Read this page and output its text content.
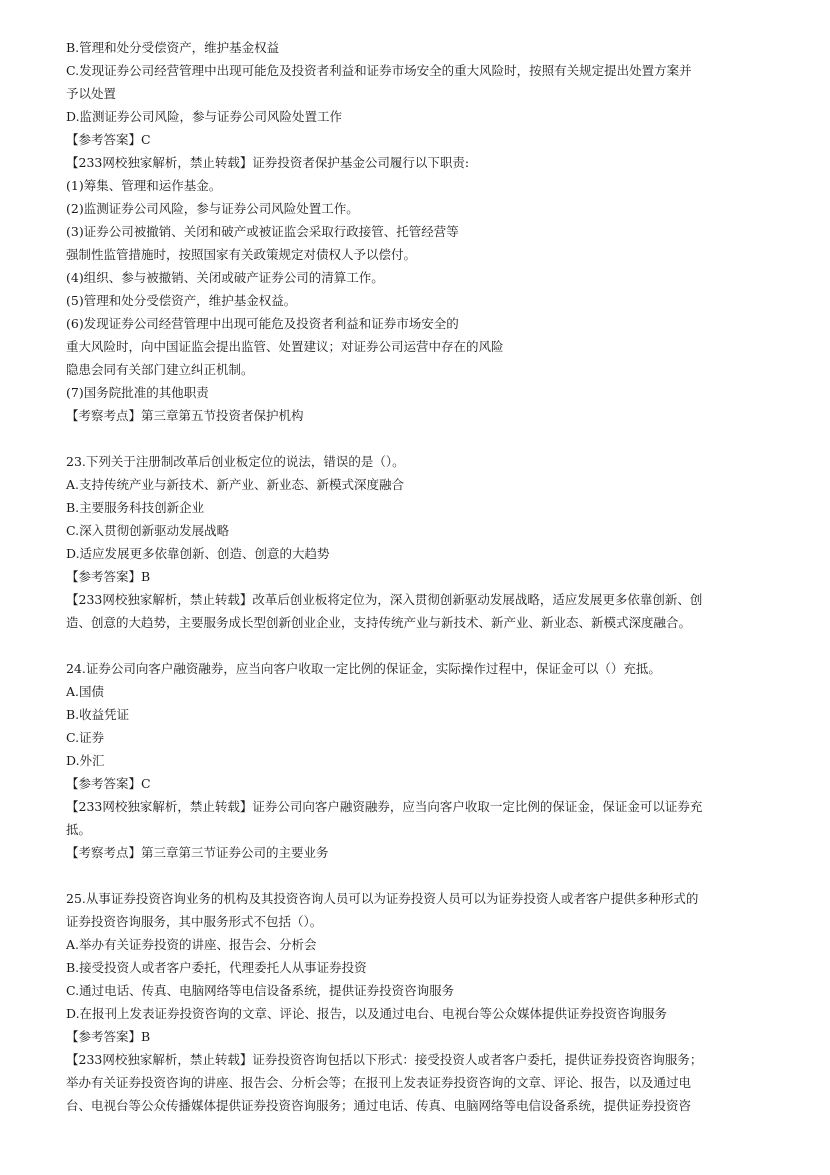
B.管理和处分受偿资产，维护基金权益
C.发现证券公司经营管理中出现可能危及投资者利益和证券市场安全的重大风险时，按照有关规定提出处置方案并
予以处置
D.监测证券公司风险，参与证券公司风险处置工作
【参考答案】C
【233网校独家解析，禁止转载】证券投资者保护基金公司履行以下职责:
(1)筹集、管理和运作基金。
(2)监测证券公司风险，参与证券公司风险处置工作。
(3)证券公司被撤销、关闭和破产或被证监会采取行政接管、托管经营等
强制性监管措施时，按照国家有关政策规定对债权人予以偿付。
(4)组织、参与被撤销、关闭或破产证券公司的清算工作。
(5)管理和处分受偿资产，维护基金权益。
(6)发现证券公司经营管理中出现可能危及投资者利益和证券市场安全的
重大风险时，向中国证监会提出监管、处置建议；对证券公司运营中存在的风险
隐患会同有关部门建立纠正机制。
(7)国务院批准的其他职责
【考察考点】第三章第五节投资者保护机构
23.下列关于注册制改革后创业板定位的说法，错误的是（）。
A.支持传统产业与新技术、新产业、新业态、新模式深度融合
B.主要服务科技创新企业
C.深入贯彻创新驱动发展战略
D.适应发展更多依靠创新、创造、创意的大趋势
【参考答案】B
【233网校独家解析，禁止转载】改革后创业板将定位为，深入贯彻创新驱动发展战略，适应发展更多依靠创新、创
造、创意的大趋势，主要服务成长型创新创业企业，支持传统产业与新技术、新产业、新业态、新模式深度融合。
24.证券公司向客户融资融券，应当向客户收取一定比例的保证金，实际操作过程中，保证金可以（）充抵。
A.国债
B.收益凭证
C.证券
D.外汇
【参考答案】C
【233网校独家解析，禁止转载】证券公司向客户融资融券，应当向客户收取一定比例的保证金，保证金可以证券充
抵。
【考察考点】第三章第三节证券公司的主要业务
25.从事证券投资咨询业务的机构及其投资咨询人员可以为证券投资人员可以为证券投资人或者客户提供多种形式的
证券投资咨询服务，其中服务形式不包括（）。
A.举办有关证券投资的讲座、报告会、分析会
B.接受投资人或者客户委托，代理委托人从事证券投资
C.通过电话、传真、电脑网络等电信设备系统，提供证券投资咨询服务
D.在报刊上发表证券投资咨询的文章、评论、报告，以及通过电台、电视台等公众媒体提供证券投资咨询服务
【参考答案】B
【233网校独家解析，禁止转载】证券投资咨询包括以下形式：接受投资人或者客户委托，提供证券投资咨询服务；
举办有关证券投资咨询的讲座、报告会、分析会等；在报刊上发表证券投资咨询的文章、评论、报告，以及通过电
台、电视台等公众传播媒体提供证券投资咨询服务；通过电话、传真、电脑网络等电信设备系统，提供证券投资咨
